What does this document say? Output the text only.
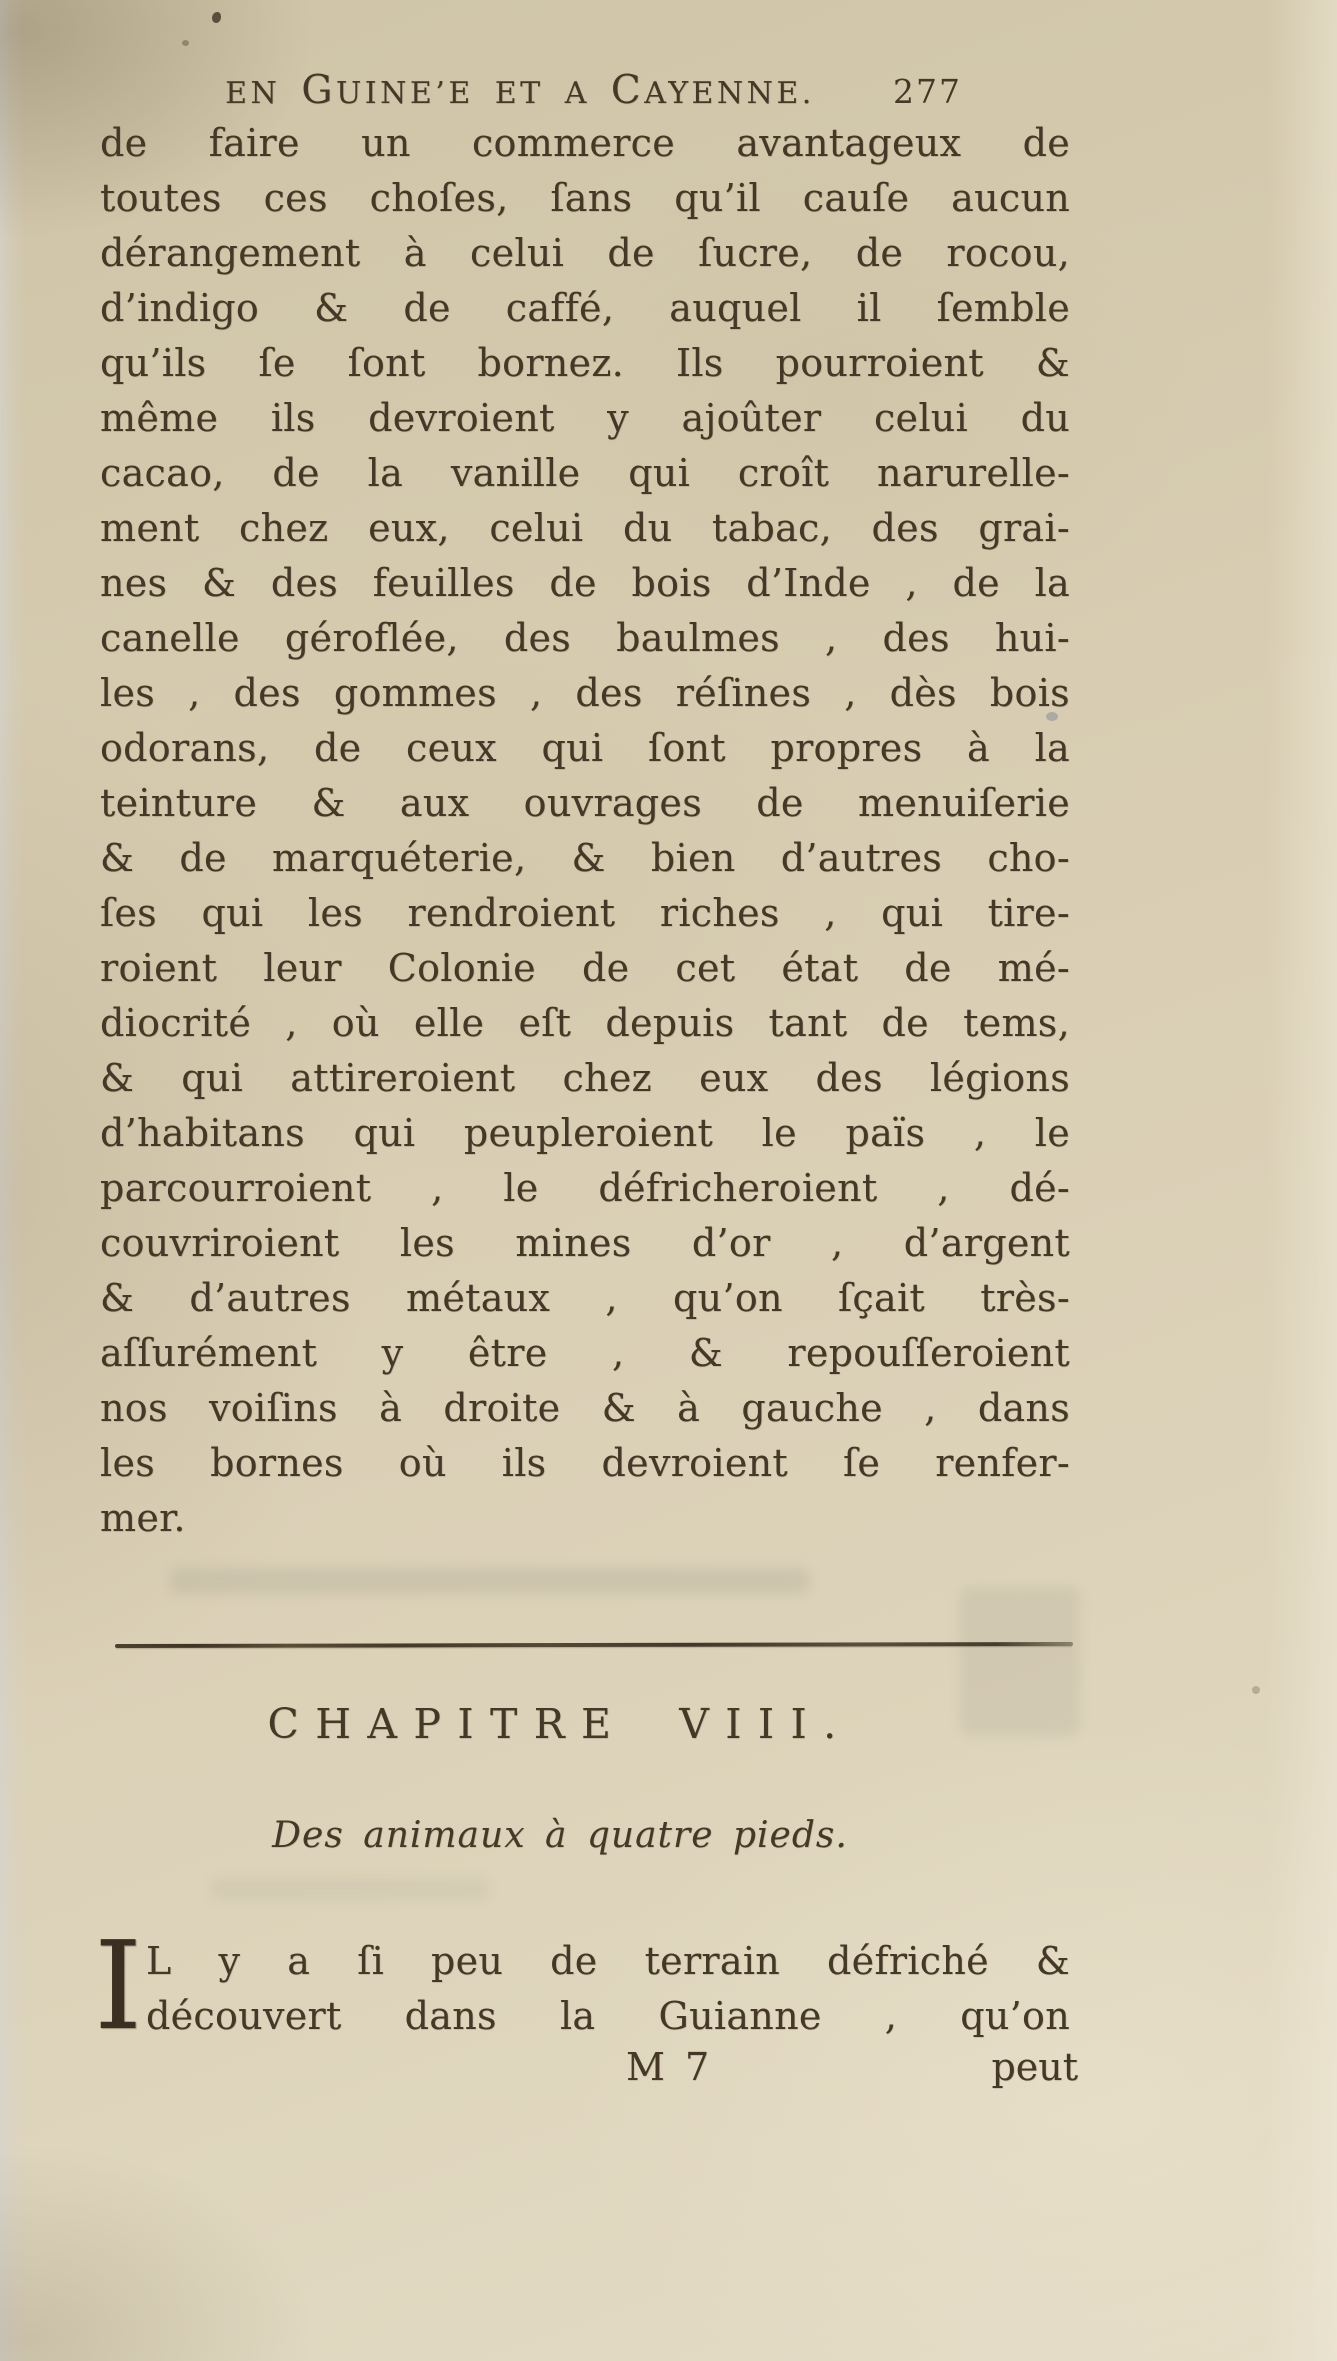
EN GUINE’E ET A CAYENNE.	277
de faire un commerce avantageux de
toutes ces choſes, ſans qu’il cauſe aucun
dérangement à celui de ſucre, de rocou,
d’indigo & de caffé, auquel il ſemble
qu’ils ſe ſont bornez. Ils pourroient &
même ils devroient y ajoûter celui du
cacao, de la vanille qui croît narurelle-
ment chez eux, celui du tabac, des grai-
nes & des feuilles de bois d’Inde , de la
canelle géroflée, des baulmes , des hui-
les , des gommes , des réſines , dès bois
odorans, de ceux qui ſont propres à la
teinture & aux ouvrages de menuiſerie
& de marquéterie, & bien d’autres cho-
ſes qui les rendroient riches , qui tire-
roient leur Colonie de cet état de mé-
diocrité , où elle eſt depuis tant de tems,
& qui attireroient chez eux des légions
d’habitans qui peupleroient le païs , le
parcourroient , le défricheroient , dé-
couvriroient les mines d’or , d’argent
& d’autres métaux , qu’on ſçait très-
aſſurément y être , & repouſſeroient
nos voiſins à droite & à gauche , dans
les bornes où ils devroient ſe renfer-
mer.
CHAPITRE VIII.
Des animaux à quatre pieds.
I L y a ſi peu de terrain défriché &
découvert dans la Guianne , qu’on
M 7	peut
